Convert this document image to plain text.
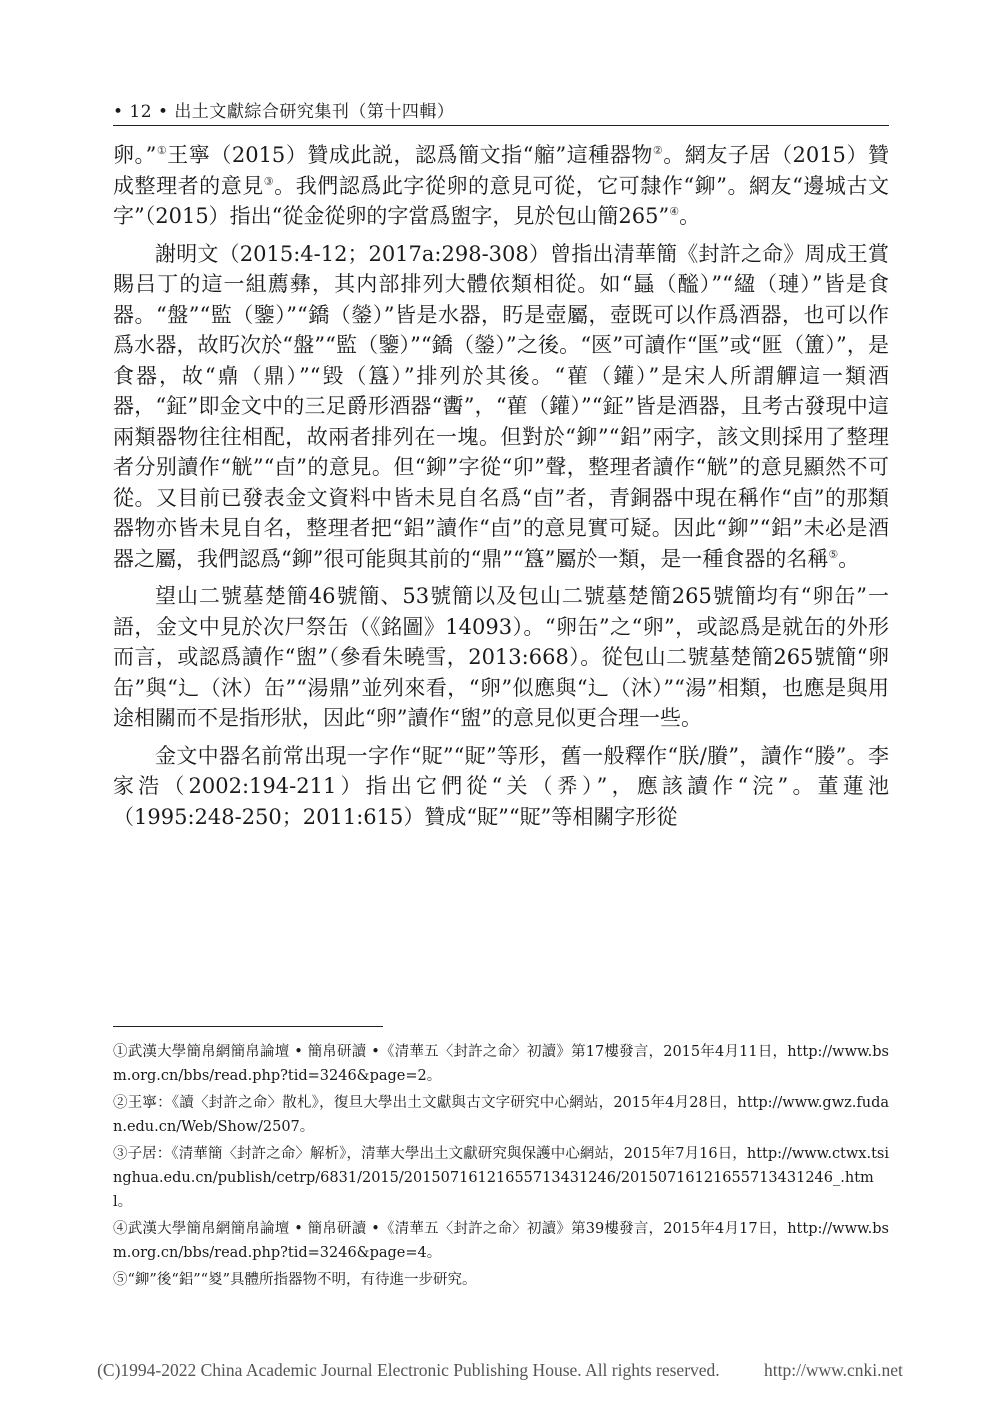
• 12 • 出土文獻綜合研究集刊（第十四輯）

卵。”①王寧（2015）贊成此説，認爲簡文指“䑿”這種器物②。網友子居（2015）贊成整理者的意見③。我們認爲此字從卵的意見可從，它可隸作“鉚”。網友“邊城古文字”（2015）指出“從金從卵的字當爲盥字，見於包山簡265”④。

謝明文（2015:4-12；2017a:298-308）曾指出清華簡《封許之命》周成王賞賜吕丁的這一組薦彝，其内部排列大體依類相從。如“螶（䤉）”“䋼（璉）”皆是食器。“盤”“監（鑒）”“鐈（鎣）”皆是水器，䀎是壺屬，壺既可以作爲酒器，也可以作爲水器，故䀎次於“盤”“監（鑒）”“鐈（鎣）”之後。“匧”可讀作“匩”或“匨（簠）”，是食器，故“鼑（鼎）”“毀（簋）”排列於其後。“雚（鑵）”是宋人所謂觶這一類酒器，“鉦”即金文中的三足爵形酒器“䤔”，“雚（鑵）”“鉦”皆是酒器，且考古發現中這兩類器物往往相配，故兩者排列在一塊。但對於“鉚”“鋁”兩字，該文則採用了整理者分别讀作“觥”“卣”的意見。但“鉚”字從“卯”聲，整理者讀作“觥”的意見顯然不可從。又目前已發表金文資料中皆未見自名爲“卣”者，青銅器中現在稱作“卣”的那類器物亦皆未見自名，整理者把“鋁”讀作“卣”的意見實可疑。因此“鉚”“鋁”未必是酒器之屬，我們認爲“鉚”很可能與其前的“鼎”“簋”屬於一類，是一種食器的名稱⑤。

望山二號墓楚簡46號簡、53號簡以及包山二號墓楚簡265號簡均有“卵缶”一語，金文中見於次尸祭缶（《銘圖》14093）。“卵缶”之“卵”，或認爲是就缶的外形而言，或認爲讀作“盥”（參看朱曉雪，2013:668）。從包山二號墓楚簡265號簡“卵缶”與“辶（沐）缶”“湯鼎”並列來看，“卵”似應與“辶（沐）”“湯”相類，也應是與用途相關而不是指形狀，因此“卵”讀作“盥”的意見似更合理一些。

金文中器名前常出現一字作“䝪”“䝪”等形，舊一般釋作“朕/賸”，讀作“媵”。李家浩（2002:194-211）指出它們從“关（𢍏）”，應該讀作“浣”。董蓮池（1995:248-250；2011:615）贊成“䝪”“䝪”等相關字形從

①武漢大學簡帛網簡帛論壇 • 簡帛研讀 •《清華五〈封許之命〉初讀》第17樓發言，2015年4月11日，http://www.bsm.org.cn/bbs/read.php?tid=3246&page=2。

②王寧：《讀〈封許之命〉散札》，復旦大學出土文獻與古文字研究中心網站，2015年4月28日，http://www.gwz.fudan.edu.cn/Web/Show/2507。

③子居：《清華簡〈封許之命〉解析》，清華大學出土文獻研究與保護中心網站，2015年7月16日，http://www.ctwx.tsinghua.edu.cn/publish/cetrp/6831/2015/20150716121655713431246/20150716121655713431246_.html。

④武漢大學簡帛網簡帛論壇 • 簡帛研讀 •《清華五〈封許之命〉初讀》第39樓發言，2015年4月17日，http://www.bsm.org.cn/bbs/read.php?tid=3246&page=4。

⑤“鉚”後“鋁”“㚇”具體所指器物不明，有待進一步研究。

(C)1994-2022 China Academic Journal Electronic Publishing House. All rights reserved.	http://www.cnki.net
